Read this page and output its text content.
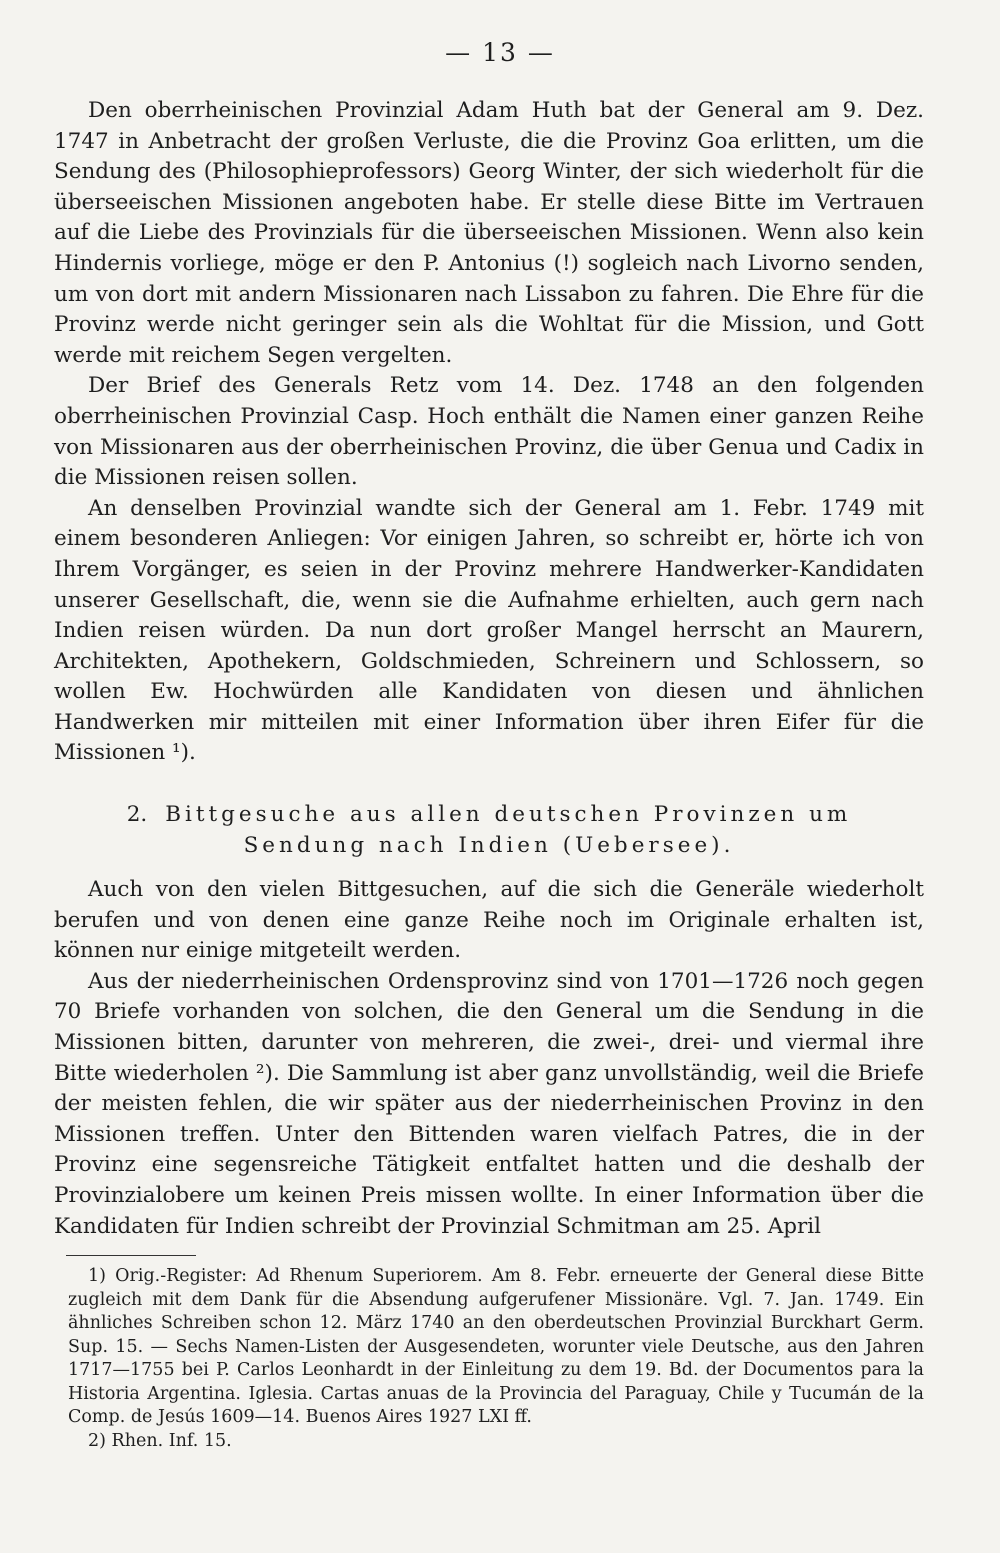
— 13 —

Den oberrheinischen Provinzial Adam Huth bat der General am 9. Dez. 1747 in Anbetracht der großen Verluste, die die Provinz Goa erlitten, um die Sendung des (Philosophieprofessors) Georg Winter, der sich wiederholt für die überseeischen Missionen angeboten habe. Er stelle diese Bitte im Vertrauen auf die Liebe des Provinzials für die überseeischen Missionen. Wenn also kein Hindernis vorliege, möge er den P. Antonius (!) sogleich nach Livorno senden, um von dort mit andern Missionaren nach Lissabon zu fahren. Die Ehre für die Provinz werde nicht geringer sein als die Wohltat für die Mission, und Gott werde mit reichem Segen vergelten.

Der Brief des Generals Retz vom 14. Dez. 1748 an den folgenden oberrheinischen Provinzial Casp. Hoch enthält die Namen einer ganzen Reihe von Missionaren aus der oberrheinischen Provinz, die über Genua und Cadix in die Missionen reisen sollen.

An denselben Provinzial wandte sich der General am 1. Febr. 1749 mit einem besonderen Anliegen: Vor einigen Jahren, so schreibt er, hörte ich von Ihrem Vorgänger, es seien in der Provinz mehrere Handwerker-Kandidaten unserer Gesellschaft, die, wenn sie die Aufnahme erhielten, auch gern nach Indien reisen würden. Da nun dort großer Mangel herrscht an Maurern, Architekten, Apothekern, Goldschmieden, Schreinern und Schlossern, so wollen Ew. Hochwürden alle Kandidaten von diesen und ähnlichen Handwerken mir mitteilen mit einer Information über ihren Eifer für die Missionen ¹).

2. Bittgesuche aus allen deutschen Provinzen um
Sendung nach Indien (Uebersee).

Auch von den vielen Bittgesuchen, auf die sich die Generäle wiederholt berufen und von denen eine ganze Reihe noch im Originale erhalten ist, können nur einige mitgeteilt werden.

Aus der niederrheinischen Ordensprovinz sind von 1701—1726 noch gegen 70 Briefe vorhanden von solchen, die den General um die Sendung in die Missionen bitten, darunter von mehreren, die zwei-, drei- und viermal ihre Bitte wiederholen ²). Die Sammlung ist aber ganz unvollständig, weil die Briefe der meisten fehlen, die wir später aus der niederrheinischen Provinz in den Missionen treffen. Unter den Bittenden waren vielfach Patres, die in der Provinz eine segensreiche Tätigkeit entfaltet hatten und die deshalb der Provinzialobere um keinen Preis missen wollte. In einer Information über die Kandidaten für Indien schreibt der Provinzial Schmitman am 25. April

1) Orig.-Register: Ad Rhenum Superiorem. Am 8. Febr. erneuerte der General diese Bitte zugleich mit dem Dank für die Absendung aufgerufener Missionäre. Vgl. 7. Jan. 1749. Ein ähnliches Schreiben schon 12. März 1740 an den oberdeutschen Provinzial Burckhart Germ. Sup. 15. — Sechs Namen-Listen der Ausgesendeten, worunter viele Deutsche, aus den Jahren 1717—1755 bei P. Carlos Leonhardt in der Einleitung zu dem 19. Bd. der Documentos para la Historia Argentina. Iglesia. Cartas anuas de la Provincia del Paraguay, Chile y Tucumán de la Comp. de Jesús 1609—14. Buenos Aires 1927 LXI ff.

2) Rhen. Inf. 15.
